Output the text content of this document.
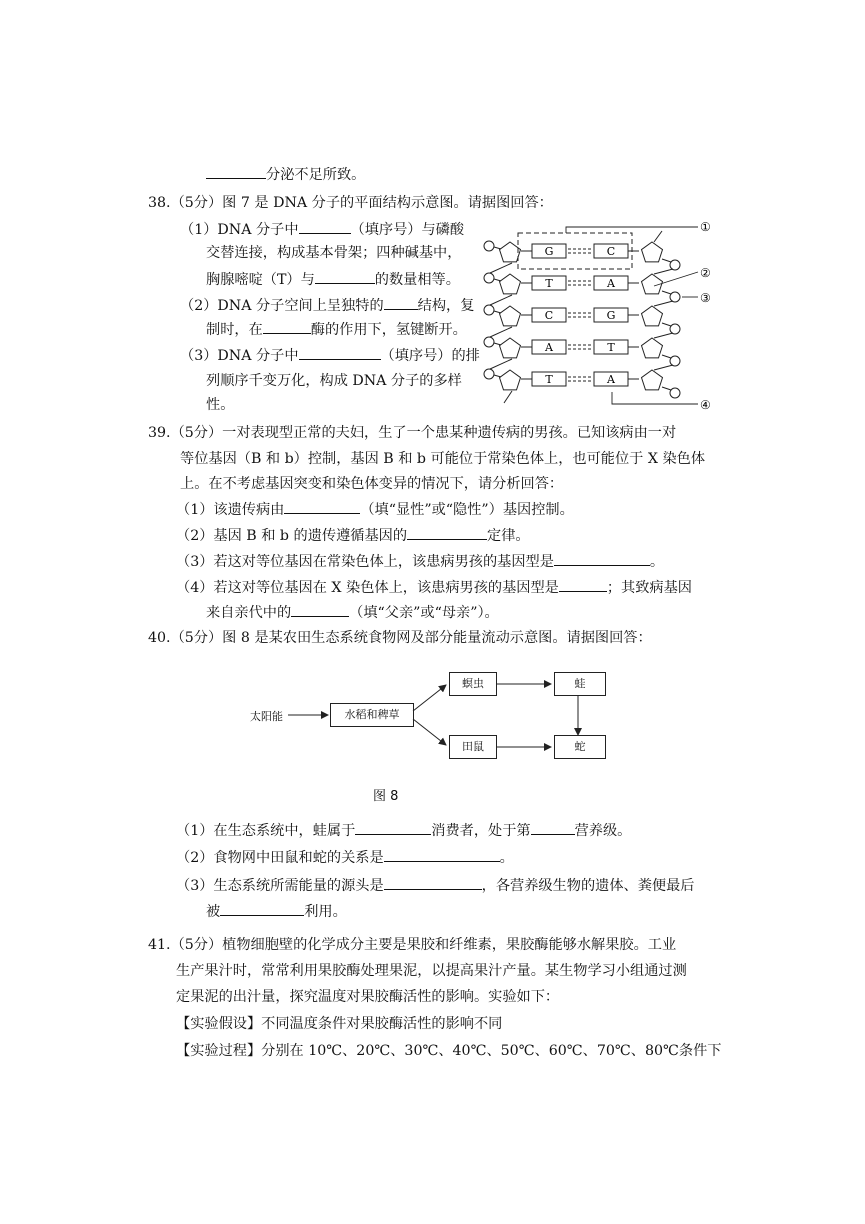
分泌不足所致。
38.（5分）图 7 是 DNA 分子的平面结构示意图。请据图回答：
（1）DNA 分子中	（填序号）与磷酸
交替连接，构成基本骨架；四种碱基中，
胸腺嘧啶（T）与	的数量相等。
（2）DNA 分子空间上呈独特的 结构，复
制时，在	酶的作用下，氢键断开。
（3）DNA 分子中	（填序号）的排
列顺序千变万化，构成 DNA 分子的多样
性。
G	C
T	A
C	G
A	T
T	A
①
②
③
④
39.（5分）一对表现型正常的夫妇，生了一个患某种遗传病的男孩。已知该病由一对
等位基因（B 和 b）控制，基因 B 和 b 可能位于常染色体上，也可能位于 X 染色体
上。在不考虑基因突变和染色体变异的情况下，请分析回答：
（1）该遗传病由	（填“显性”或“隐性”）基因控制。
（2）基因 B 和 b 的遗传遵循基因的	定律。
（3）若这对等位基因在常染色体上，该患病男孩的基因型是	。
（4）若这对等位基因在 X 染色体上，该患病男孩的基因型是	；其致病基因
来自亲代中的	（填“父亲”或“母亲”）。
40.（5分）图 8 是某农田生态系统食物网及部分能量流动示意图。请据图回答：
太阳能	水稻和稗草
螟虫
田鼠
蛙
蛇
图 8
（1）在生态系统中，蛙属于	消费者，处于第	营养级。
（2）食物网中田鼠和蛇的关系是	。
（3）生态系统所需能量的源头是	，各营养级生物的遗体、粪便最后
被	利用。
41.（5分）植物细胞壁的化学成分主要是果胶和纤维素，果胶酶能够水解果胶。工业
生产果汁时，常常利用果胶酶处理果泥，以提高果汁产量。某生物学习小组通过测
定果泥的出汁量，探究温度对果胶酶活性的影响。实验如下：
【实验假设】不同温度条件对果胶酶活性的影响不同
【实验过程】分别在 10℃、20℃、30℃、40℃、50℃、60℃、70℃、80℃条件下
